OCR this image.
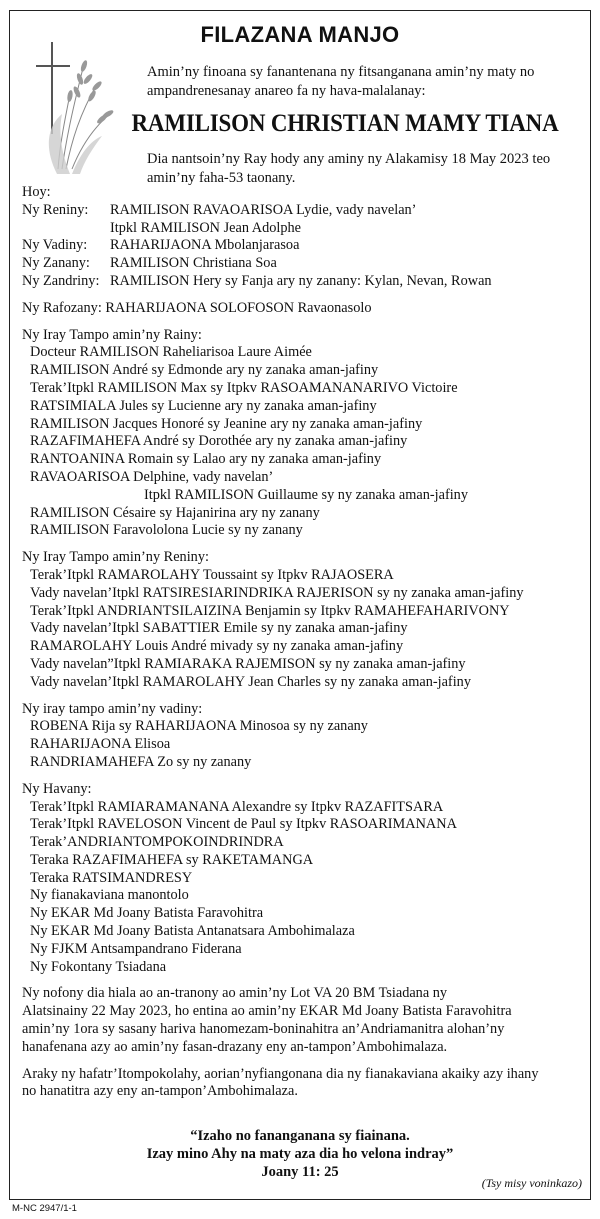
FILAZANA MANJO
Amin’ny finoana sy fanantenana ny fitsanganana amin’ny maty no ampandrenesanay anareo fa ny hava-malalanay:
RAMILISON CHRISTIAN MAMY TIANA
Dia nantsoin’ny Ray hody any aminy ny Alakamisy 18 May 2023 teo amin’ny faha-53 taonany.
Hoy:
Ny Reniny:	RAMILISON RAVAOARISOA Lydie, vady navelan’
Itpkl RAMILISON Jean Adolphe
Ny Vadiny:	RAHARIJAONA Mbolanjarasoa
Ny Zanany:	RAMILISON Christiana Soa
Ny Zandriny: RAMILISON Hery sy Fanja ary ny zanany: Kylan, Nevan, Rowan
Ny Rafozany: RAHARIJAONA SOLOFOSON Ravaonasolo
Ny Iray Tampo amin’ny Rainy:
Docteur RAMILISON Raheliarisoa Laure Aimée
RAMILISON André sy Edmonde ary ny zanaka aman-jafiny
Terak’Itpkl RAMILISON Max sy Itpkv RASOAMANANARIVO Victoire
RATSIMIALA Jules sy Lucienne ary ny zanaka aman-jafiny
RAMILISON Jacques Honoré sy Jeanine ary ny zanaka aman-jafiny
RAZAFIMAHEFA André sy Dorothée ary ny zanaka aman-jafiny
RANTOANINA Romain sy Lalao ary ny zanaka aman-jafiny
RAVAOARISOA Delphine, vady navelan’
Itpkl RAMILISON Guillaume sy ny zanaka aman-jafiny
RAMILISON Césaire sy Hajanirina ary ny zanany
RAMILISON Faravololona Lucie sy ny zanany
Ny Iray Tampo amin’ny Reniny:
Terak’Itpkl RAMAROLAHY Toussaint sy Itpkv RAJAOSERA
Vady navelan’Itpkl RATSIRESIARINDRIKA RAJERISON sy ny zanaka aman-jafiny
Terak’Itpkl ANDRIANTSILAIZINA Benjamin sy Itpkv RAMAHEFAHARIVONY
Vady navelan’Itpkl SABATTIER Emile sy ny zanaka aman-jafiny
RAMAROLAHY Louis André mivady sy ny zanaka aman-jafiny
Vady navelan”Itpkl RAMIARAKA RAJEMISON sy ny zanaka aman-jafiny
Vady navelan’Itpkl RAMAROLAHY Jean Charles sy ny zanaka aman-jafiny
Ny iray tampo amin’ny vadiny:
ROBENA Rija sy RAHARIJAONA Minosoa sy ny zanany
RAHARIJAONA Elisoa
RANDRIAMAHEFA Zo sy ny zanany
Ny Havany:
Terak’Itpkl RAMIARAMANANA Alexandre sy Itpkv RAZAFITSARA
Terak’Itpkl RAVELOSON Vincent de Paul sy Itpkv RASOARIMANANA
Terak’ANDRIANTOMPOKOINDRINDRA
Teraka RAZAFIMAHEFA sy RAKETAMANGA
Teraka RATSIMANDRESY
Ny fianakaviana manontolo
Ny EKAR Md Joany Batista Faravohitra
Ny EKAR Md Joany Batista Antanatsara Ambohimalaza
Ny FJKM Antsampandrano Fiderana
Ny Fokontany Tsiadana
Ny nofony dia hiala ao an-tranony ao amin’ny Lot VA 20 BM Tsiadana ny
Alatsinainy 22 May 2023, ho entina ao amin’ny EKAR Md Joany Batista Faravohitra
amin’ny 1ora sy sasany hariva hanomezam-boninahitra an’Andriamanitra alohan’ny
hanafenana azy ao amin’ny fasan-drazany eny an-tampon’Ambohimalaza.
Araky ny hafatr’Itompokolahy, aorian’nyfiangonana dia ny fianakaviana akaiky azy ihany
no hanatitra azy eny an-tampon’Ambohimalaza.
“Izaho no fananganana sy fiainana.
Izay mino Ahy na maty aza dia ho velona indray”
Joany 11: 25
(Tsy misy voninkazo)
M-NC 2947/1-1
